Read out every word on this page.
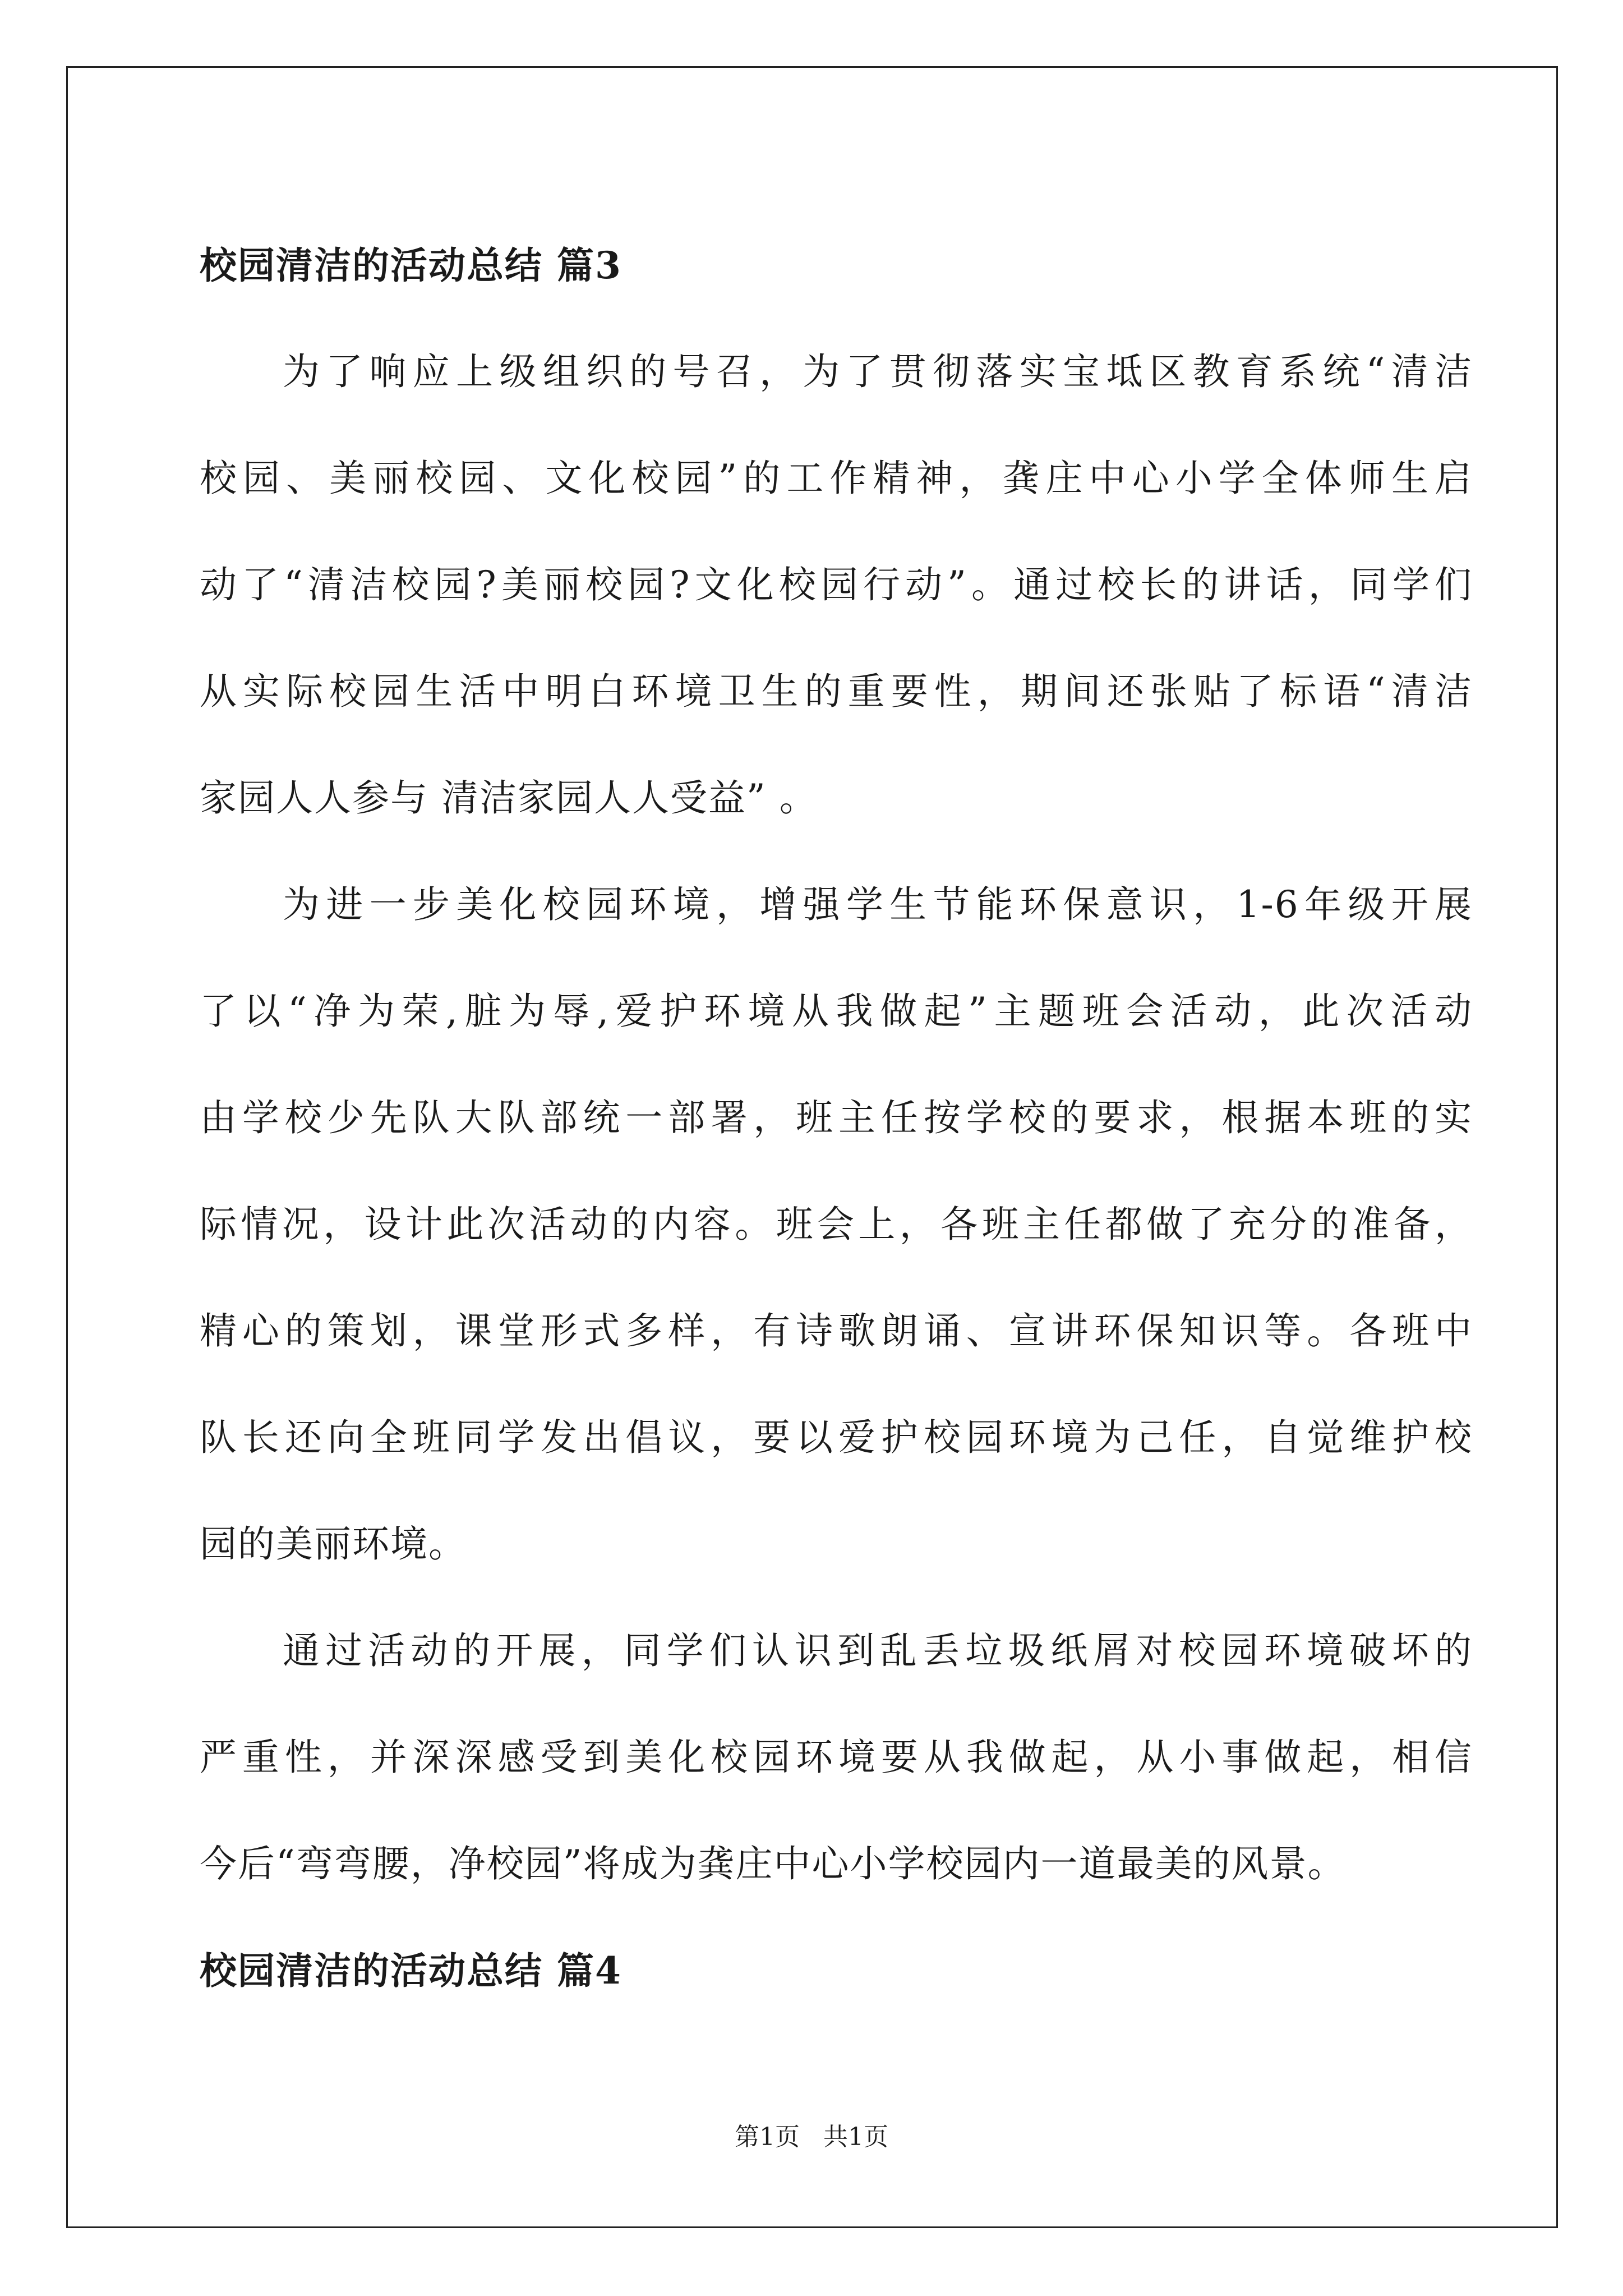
校园清洁的活动总结 篇3

为了响应上级组织的号召，为了贯彻落实宝坻区教育系统“清洁
校园、美丽校园、文化校园”的工作精神，龚庄中心小学全体师生启
动了“清洁校园?美丽校园?文化校园行动”。通过校长的讲话，同学们
从实际校园生活中明白环境卫生的重要性，期间还张贴了标语“清洁
家园人人参与 清洁家园人人受益” 。

为进一步美化校园环境，增强学生节能环保意识，1-6年级开展
了以“净为荣,脏为辱,爱护环境从我做起”主题班会活动，此次活动
由学校少先队大队部统一部署，班主任按学校的要求，根据本班的实
际情况，设计此次活动的内容。班会上，各班主任都做了充分的准备，
精心的策划，课堂形式多样，有诗歌朗诵、宣讲环保知识等。各班中
队长还向全班同学发出倡议，要以爱护校园环境为己任，自觉维护校
园的美丽环境。

通过活动的开展，同学们认识到乱丢垃圾纸屑对校园环境破坏的
严重性，并深深感受到美化校园环境要从我做起，从小事做起，相信
今后“弯弯腰，净校园”将成为龚庄中心小学校园内一道最美的风景。

校园清洁的活动总结 篇4
第1页   共1页
